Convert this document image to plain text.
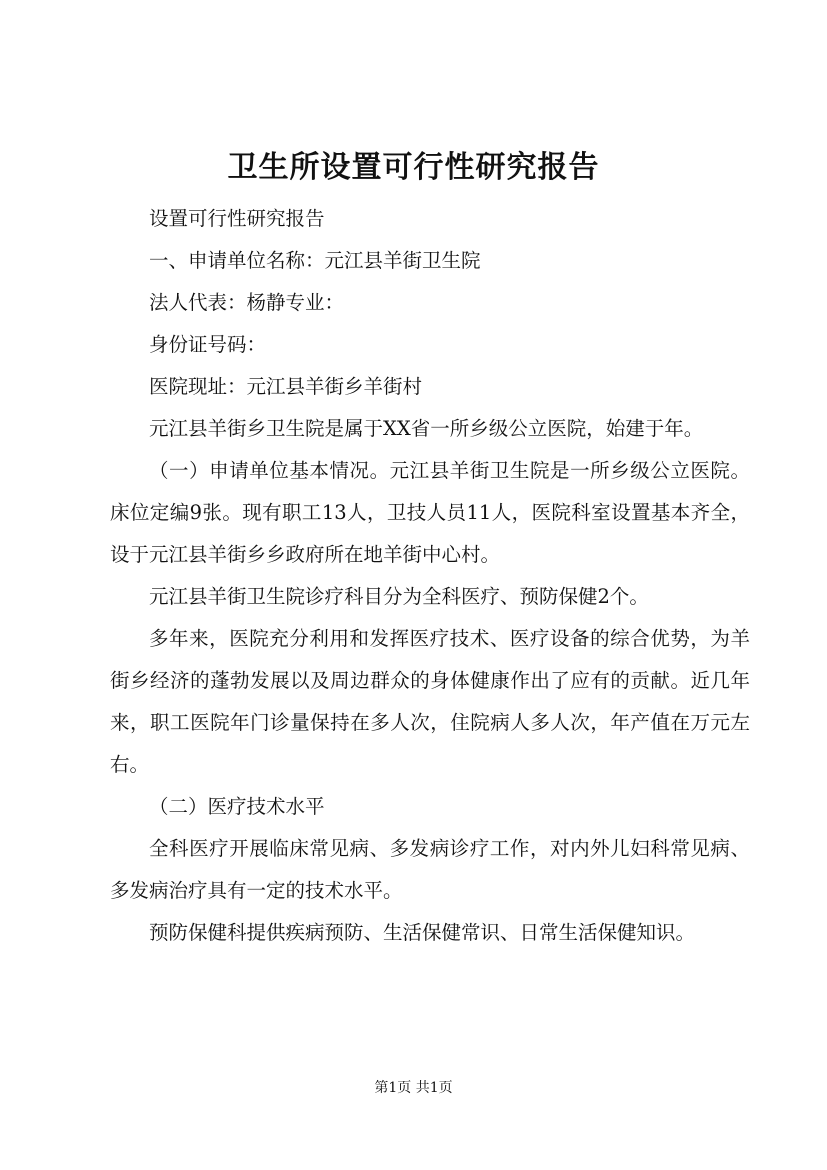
卫生所设置可行性研究报告

设置可行性研究报告

一、申请单位名称：元江县羊街卫生院

法人代表：杨静专业：

身份证号码：

医院现址：元江县羊街乡羊街村

元江县羊街乡卫生院是属于XX省一所乡级公立医院，始建于年。

（一）申请单位基本情况。元江县羊街卫生院是一所乡级公立医院。床位定编9张。现有职工13人，卫技人员11人，医院科室设置基本齐全，设于元江县羊街乡乡政府所在地羊街中心村。

元江县羊街卫生院诊疗科目分为全科医疗、预防保健2个。

多年来，医院充分利用和发挥医疗技术、医疗设备的综合优势，为羊街乡经济的蓬勃发展以及周边群众的身体健康作出了应有的贡献。近几年来，职工医院年门诊量保持在多人次，住院病人多人次，年产值在万元左右。

（二）医疗技术水平

全科医疗开展临床常见病、多发病诊疗工作，对内外儿妇科常见病、多发病治疗具有一定的技术水平。

预防保健科提供疾病预防、生活保健常识、日常生活保健知识。

第1页 共1页
